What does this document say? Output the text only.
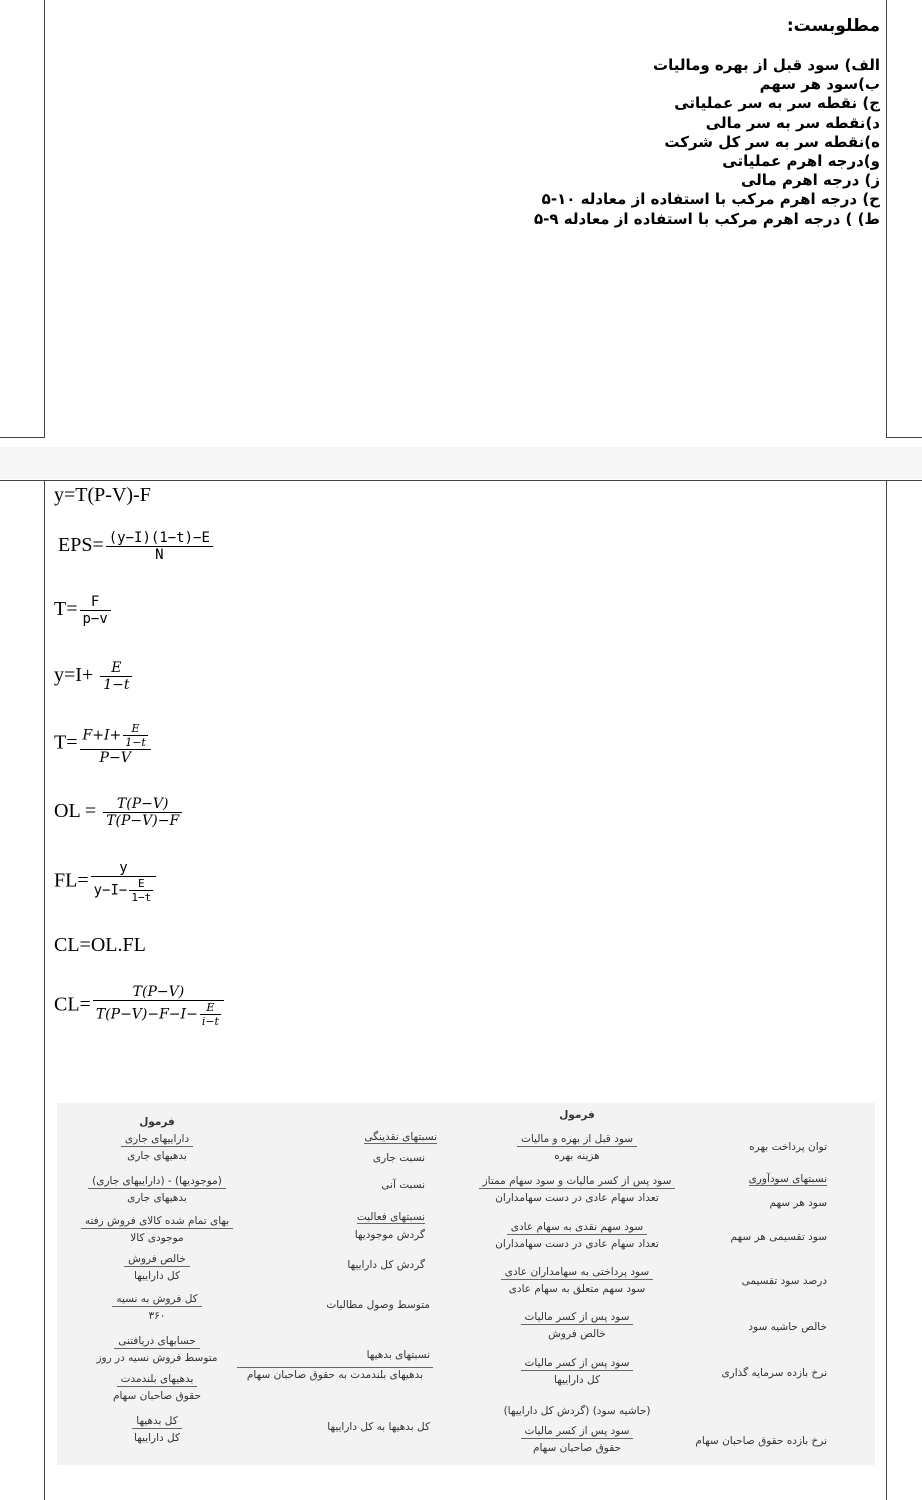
مطلوبست:
الف) سود قبل از بهره ومالیات
ب)سود هر سهم
ج) نقطه سر به سر عملیاتی
د)نقطه سر به سر مالی
ه)نقطه سر به سر کل شرکت
و)درجه اهرم عملیاتی
ز) درجه اهرم مالی
ح) درجه اهرم مرکب با استفاده از معادله ۱۰-۵
ط) ) درجه اهرم مرکب با استفاده از معادله ۹-۵
y=T(P-V)-F
$EPS= \frac{(y-I)(1-t)-E}{N}$
$T= \frac{F}{p-v}$
$y=I+ \frac{E}{1-t}$
$T= \frac{F+I+ \frac{E}{1-t}}{P-V}$
OL = $\frac{T(P-V)}{T(P-V)-F}$
$FL= \frac{y}{y-I- \frac{E}{1-t}}$
CL=OL.FL
$CL= \frac{T(P-V)}{T(P-V)-F-I- \frac{E}{i-t}}$
فرمول
فرمول
داراییهای جاری
بدهیهای جاری
(موجودیها) - (داراییهای جاری)
بدهیهای جاری
بهای تمام شده کالای فروش رفته
موجودی کالا
خالص فروش
کل داراییها
کل فروش به نسیه
۳۶۰
حسابهای دریافتنی
متوسط فروش نسیه در روز
بدهیهای بلندمدت
حقوق صاحبان سهام
کل بدهیها
کل داراییها
نسبتهای نقدینگی
نسبت جاری
نسبت آنی
نسبتهای فعالیت
گردش موجودیها
گردش کل داراییها
متوسط وصول مطالبات
نسبتهای بدهیها
بدهیهای بلندمدت به حقوق صاحبان سهام
کل بدهیها به کل داراییها
سود قبل از بهره و مالیات
هزینه بهره
سود پس از کسر مالیات و سود سهام ممتاز
تعداد سهام عادی در دست سهامداران
سود سهم نقدی به سهام عادی
تعداد سهام عادی در دست سهامداران
سود پرداختی به سهامداران عادی
سود سهم متعلق به سهام عادی
سود پس از کسر مالیات
خالص فروش
سود پس از کسر مالیات
کل داراییها
(حاشیه سود) (گردش کل داراییها)
سود پس از کسر مالیات
حقوق صاحبان سهام
توان پرداخت بهره
نسبتهای سودآوری
سود هر سهم
سود تقسیمی هر سهم
درصد سود تقسیمی
خالص حاشیه سود
نرخ بازده سرمایه گذاری
نرخ بازده حقوق صاحبان سهام
